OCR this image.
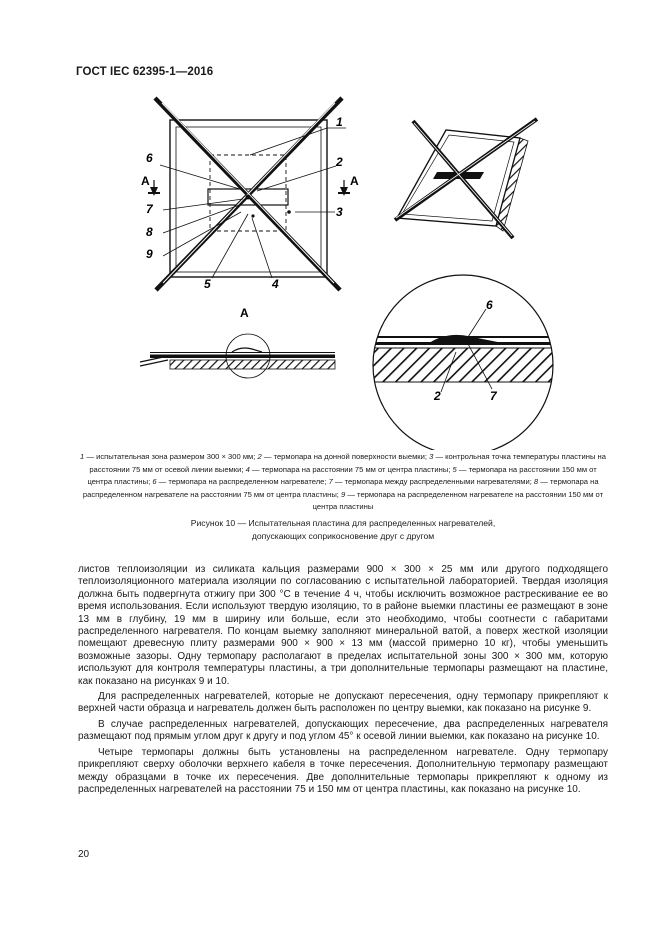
ГОСТ IEC 62395-1—2016
А	А
1
6	2
7	3
8
9
5	4
А
6
2	7
1 — испытательная зона размером 300 × 300 мм; 2 — термопара на донной поверхности выемки; 3 — контрольная точка температуры пластины на расстоянии 75 мм от осевой линии выемки; 4 — термопара на расстоянии 75 мм от центра пластины; 5 — термопара на расстоянии 150 мм от центра пластины; 6 — термопара на распределенном нагревателе; 7 — термопара между распределенными нагревателями; 8 — термопара на распределенном нагревателе на расстоянии 75 мм от центра пластины; 9 — термопара на распределенном нагревателе на расстоянии 150 мм от центра пластины
Рисунок 10 — Испытательная пластина для распределенных нагревателей,
допускающих соприкосновение друг с другом

листов теплоизоляции из силиката кальция размерами 900 × 300 × 25 мм или другого подходящего теплоизоляционного материала изоляции по согласованию с испытательной лабораторией. Твердая изоляция должна быть подвергнута отжигу при 300 °С в течение 4 ч, чтобы исключить возможное растрескивание ее во время использования. Если используют твердую изоляцию, то в районе выемки пластины ее размещают в зоне 13 мм в глубину, 19 мм в ширину или больше, если это необходимо, чтобы соотнести с габаритами распределенного нагревателя. По концам выемку заполняют минеральной ватой, а поверх жесткой изоляции помещают древесную плиту размерами 900 × 900 × 13 мм (массой примерно 10 кг), чтобы уменьшить возможные зазоры. Одну термопару располагают в пределах испытательной зоны 300 × 300 мм, которую используют для контроля температуры пластины, а три дополнительные термопары размещают на пластине, как показано на рисунках 9 и 10.

Для распределенных нагревателей, которые не допускают пересечения, одну термопару прикрепляют к верхней части образца и нагреватель должен быть расположен по центру выемки, как показано на рисунке 9.

В случае распределенных нагревателей, допускающих пересечение, два распределенных нагревателя размещают под прямым углом друг к другу и под углом 45° к осевой линии выемки, как показано на рисунке 10.

Четыре термопары должны быть установлены на распределенном нагревателе. Одну термопару прикрепляют сверху оболочки верхнего кабеля в точке пересечения. Дополнительную термопару размещают между образцами в точке их пересечения. Две дополнительные термопары прикрепляют к одному из распределенных нагревателей на расстоянии 75 и 150 мм от центра пластины, как показано на рисунке 10.

20
